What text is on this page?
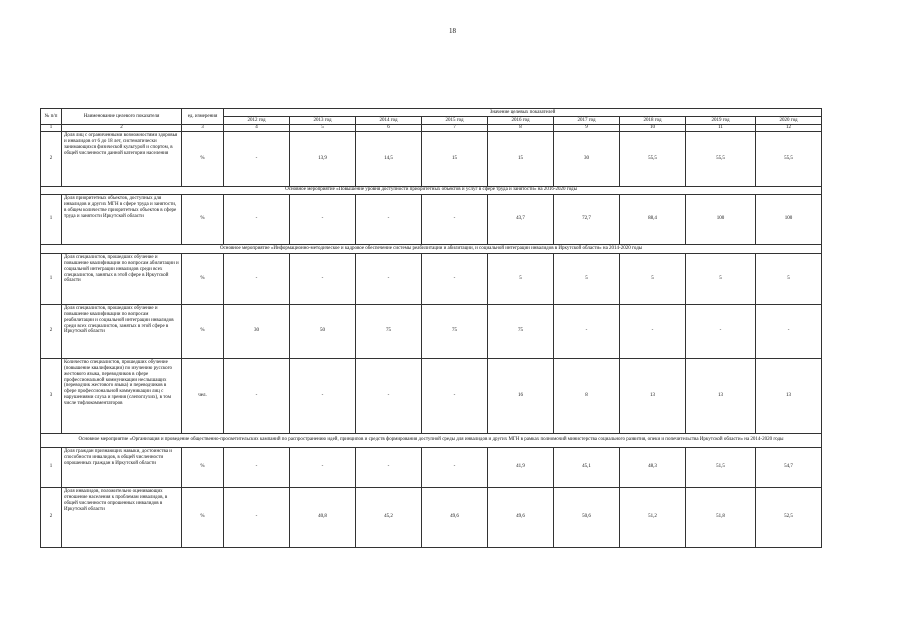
18
№ п/п	Наименование целевого показателя	ед. измерения	Значение целевых показателей								
			2012 год	2013 год	2014 год	2015 год	2016 год	2017 год	2018 год	2019 год	2020 год
1	2	3	4	5	6	7	8	9	10	11	12
2	Доля лиц с ограниченными возможностями здоровья и инвалидов от 6 до 18 лет, систематически занимающихся физической культурой и спортом, в общей численности данной категории населения	%	-	13,9	14,5	15	15	30	55,5	55,5	55,5
Основное мероприятие «Повышение уровня доступности приоритетных объектов и услуг в сфере труда и занятости» на 2016-2020 годы											
1	Доля приоритетных объектов, доступных для инвалидов и других МГН в сфере труда и занятости, в общем количестве приоритетных объектов в сфере труда и занятости Иркутской области	%	-	-	-	-	43,7	72,7	88,4	100	100
Основное мероприятие «Информационно-методическое и кадровое обеспечение системы реабилитации и абилитации, и социальной интеграции инвалидов в Иркутской области» на 2014-2020 годы											
1	Доля специалистов, прошедших обучение и повышение квалификации по вопросам абилитации и социальной интеграции инвалидов среди всех специалистов, занятых в этой сфере в Иркутской области	%	-	-	-	-	5	5	5	5	5
2	Доля специалистов, прошедших обучение и повышение квалификации по вопросам реабилитации и социальной интеграции инвалидов среди всех специалистов, занятых в этой сфере в Иркутской области	%	30	50	75	75	75	-	-	-	-
3	Количество специалистов, прошедших обучение (повышение квалификации) по изучению русского жестового языка, переводчиков в сфере профессиональной коммуникации неслышащих (переводчик жестового языка) и переводчиков в сфере профессиональной коммуникации лиц с нарушениями слуха и зрения (слепоглухих), в том числе тифлокомментаторов	чел.	-	-	-	-	16	8	13	13	13
Основное мероприятие «Организация и проведение общественно-просветительских кампаний по распространению идей, принципов и средств формирования доступной среды для инвалидов и других МГН в рамках полномочий министерства социального развития, опеки и попечительства Иркутской области» на 2014-2020 годы											
1	Доля граждан признающих навыки, достоинства и способности инвалидов, в общей численности опрошенных граждан в Иркутской области	%	-	-	-	-	41,9	45,1	48,3	51,5	54,7
2	Доля инвалидов, положительно оценивающих отношение населения к проблемам инвалидов, в общей численности опрошенных инвалидов в Иркутской области	%	-	40,8	45,2	49,6	49,6	50,6	51,2	51,8	52,5
